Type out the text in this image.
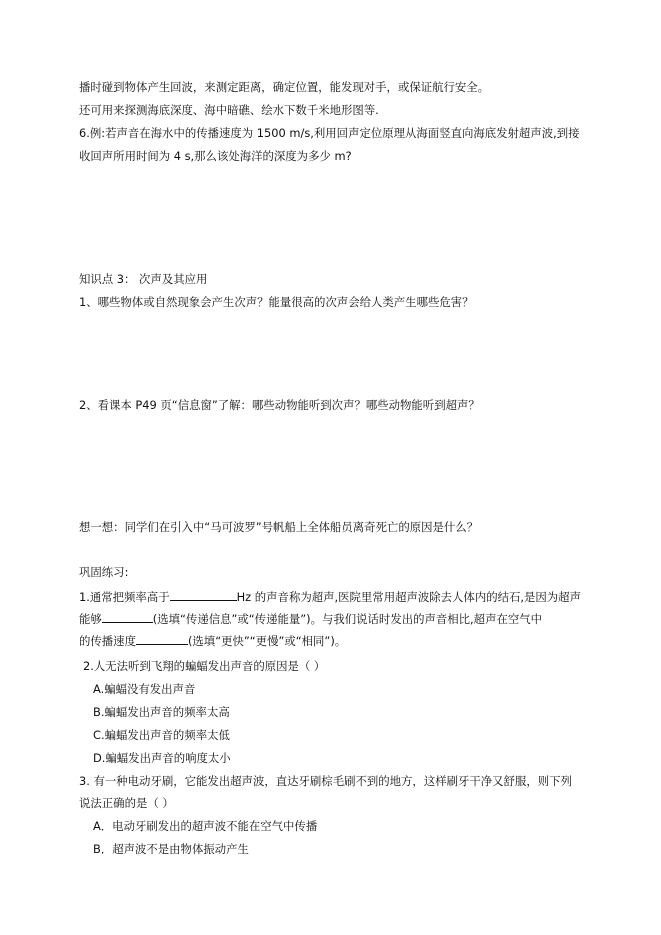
播时碰到物体产生回波，来测定距离，确定位置，能发现对手，或保证航行安全。
还可用来探测海底深度、海中暗礁、绘水下数千米地形图等.
6.例:若声音在海水中的传播速度为 1500 m/s,利用回声定位原理从海面竖直向海底发射超声波,到接
收回声所用时间为 4 s,那么该处海洋的深度为多少 m?
知识点 3： 次声及其应用
1、哪些物体或自然现象会产生次声？能量很高的次声会给人类产生哪些危害？
2、看课本 P49 页“信息窗”了解：哪些动物能听到次声？哪些动物能听到超声？
想一想：同学们在引入中“马可波罗”号帆船上全体船员离奇死亡的原因是什么？
巩固练习:
1.通常把频率高于	Hz 的声音称为超声,医院里常用超声波除去人体内的结石,是因为超声
能够	(选填“传递信息”或“传递能量”)。与我们说话时发出的声音相比,超声在空气中
的传播速度	(选填“更快”“更慢”或“相同”)。
2.人无法听到飞翔的蝙蝠发出声音的原因是（ ）
A.蝙蝠没有发出声音
B.蝙蝠发出声音的频率太高
C.蝙蝠发出声音的频率太低
D.蝙蝠发出声音的响度太小
3. 有一种电动牙刷，它能发出超声波，直达牙刷棕毛刷不到的地方，这样刷牙干净又舒服，则下列
说法正确的是（ ）
A．电动牙刷发出的超声波不能在空气中传播
B．超声波不是由物体振动产生
